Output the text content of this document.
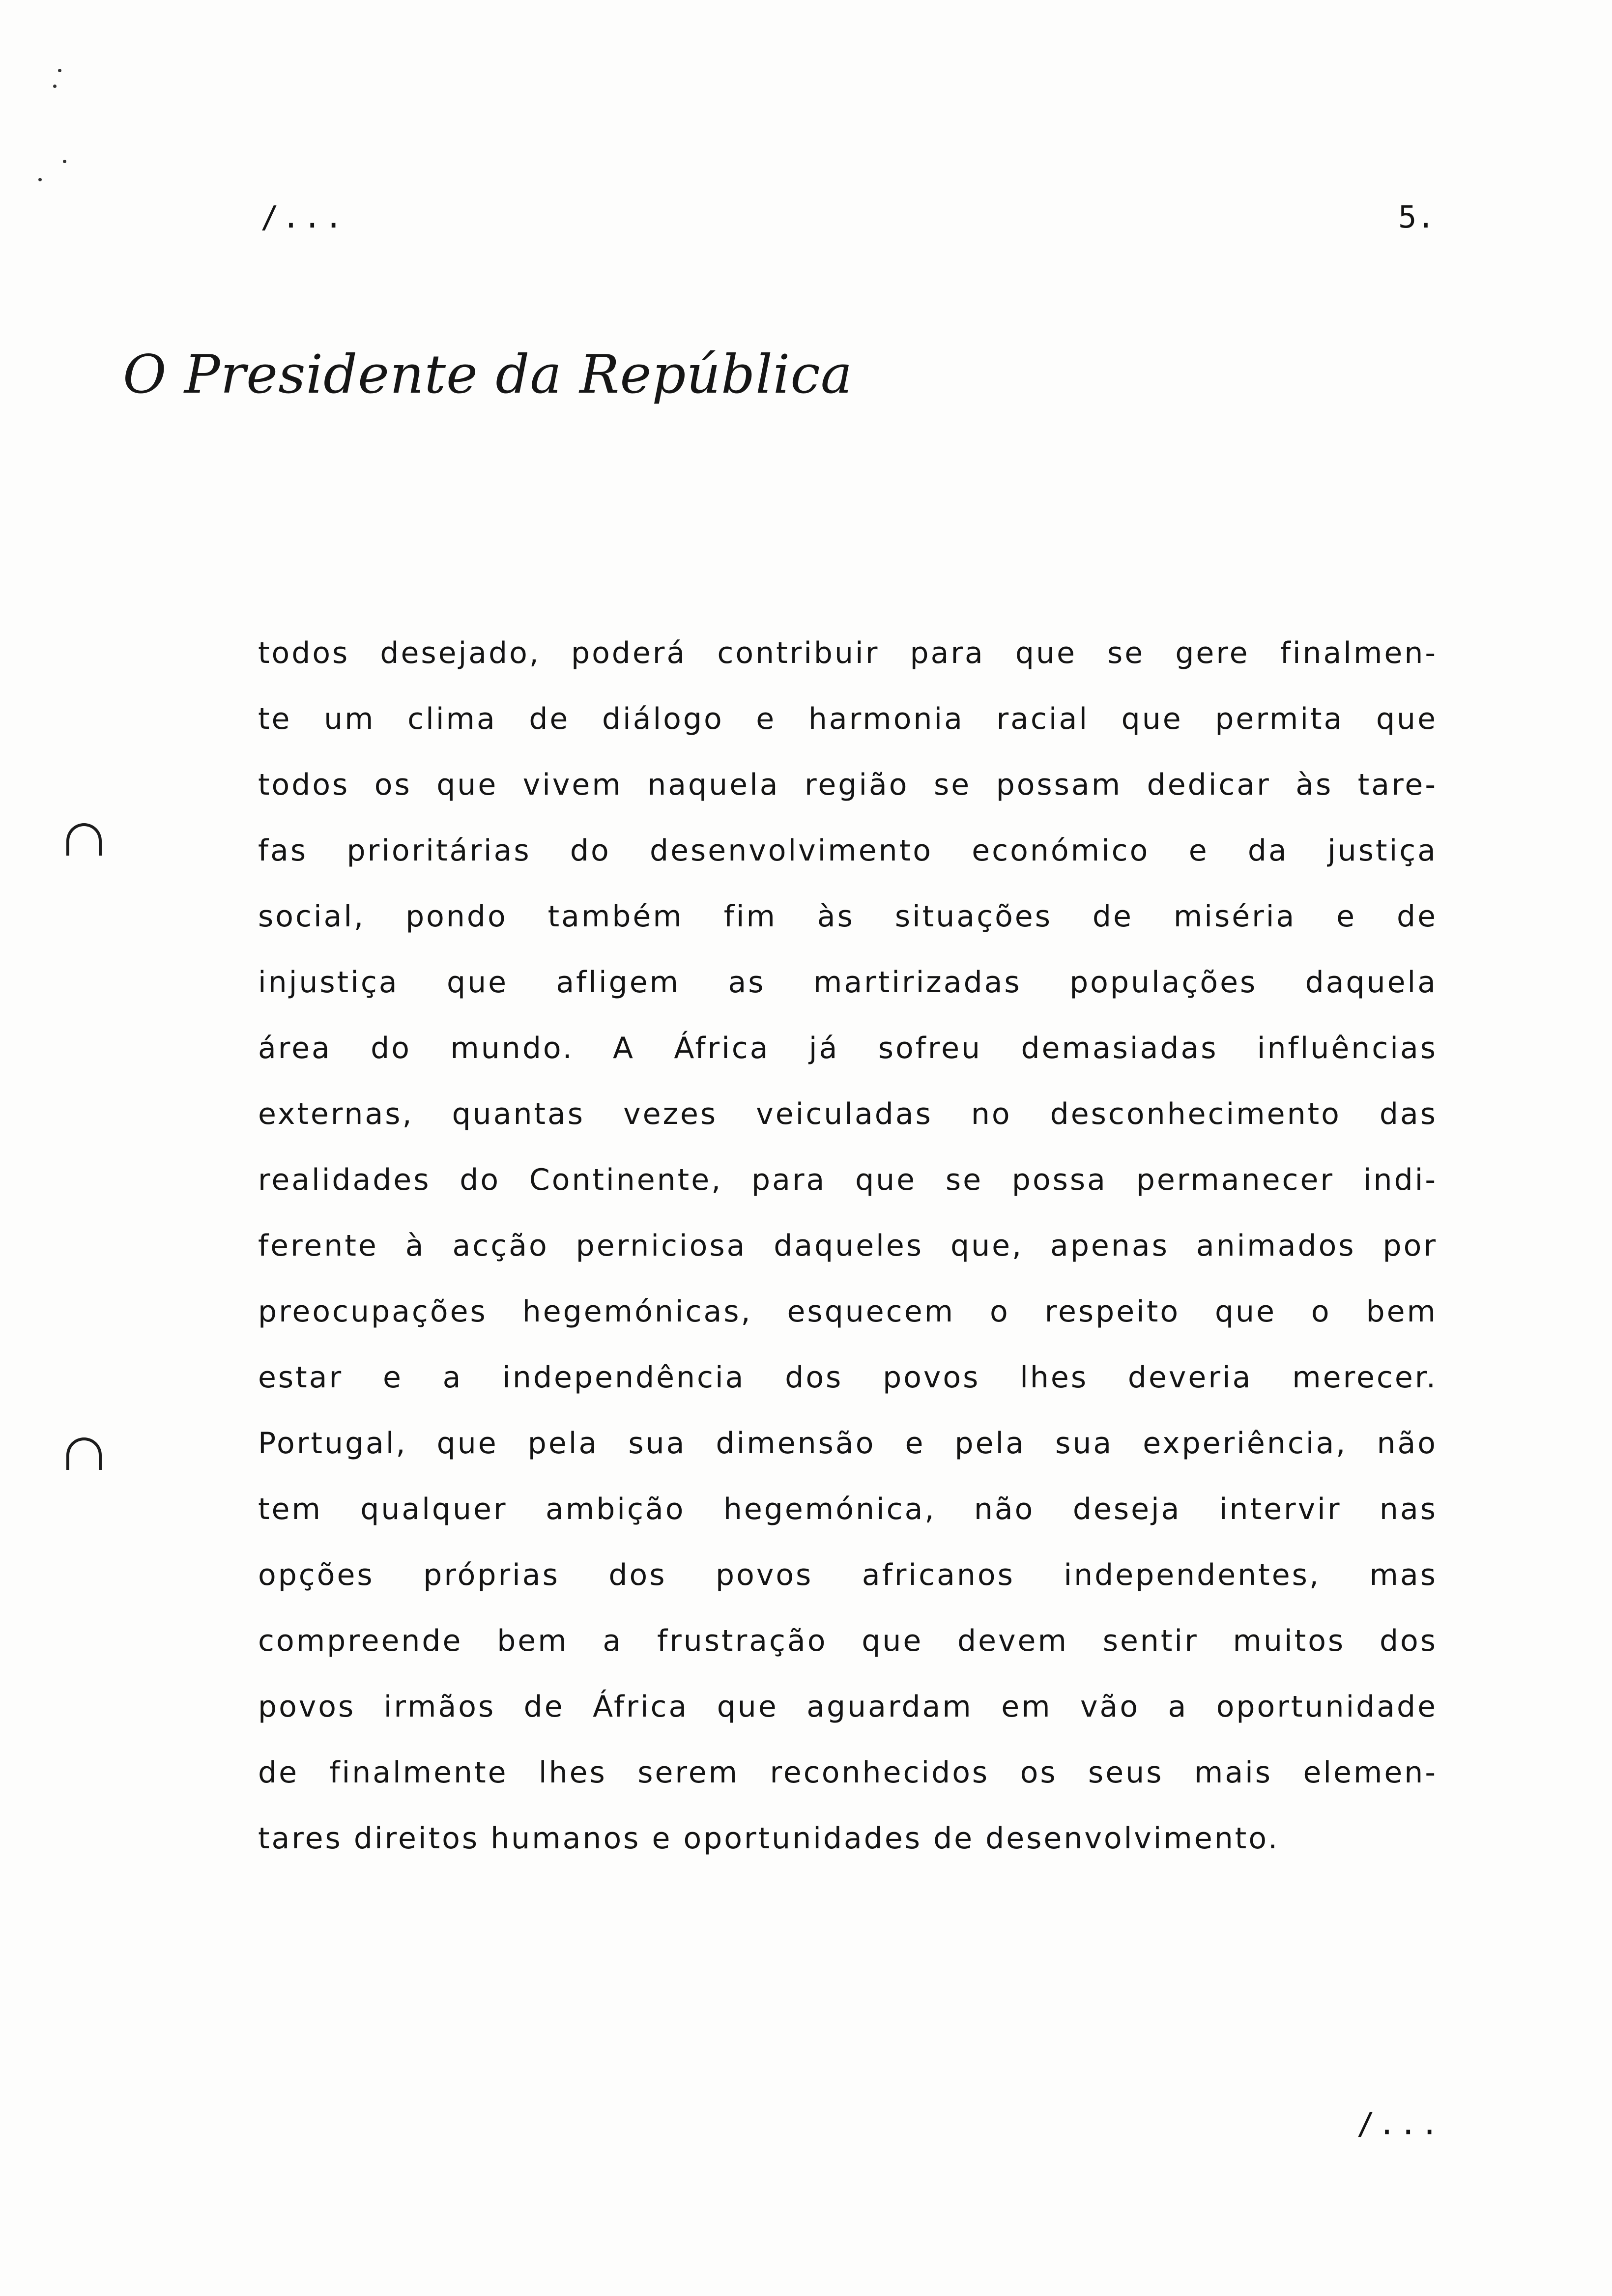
/...	5.
O Presidente da República
todos desejado, poderá contribuir para que se gere finalmen-
te um clima de diálogo e harmonia racial que permita que
todos os que vivem naquela região se possam dedicar às tare-
fas prioritárias do desenvolvimento económico e da justiça
social, pondo também fim às situações de miséria e de
injustiça que afligem as martirizadas populações daquela
área do mundo. A África já sofreu demasiadas influências
externas, quantas vezes veiculadas no desconhecimento das
realidades do Continente, para que se possa permanecer indi-
ferente à acção perniciosa daqueles que, apenas animados por
preocupações hegemónicas, esquecem o respeito que o bem
estar e a independência dos povos lhes deveria merecer.
Portugal, que pela sua dimensão e pela sua experiência, não
tem qualquer ambição hegemónica, não deseja intervir nas
opções próprias dos povos africanos independentes, mas
compreende bem a frustração que devem sentir muitos dos
povos irmãos de África que aguardam em vão a oportunidade
de finalmente lhes serem reconhecidos os seus mais elemen-
tares direitos humanos e oportunidades de desenvolvimento.
/...
